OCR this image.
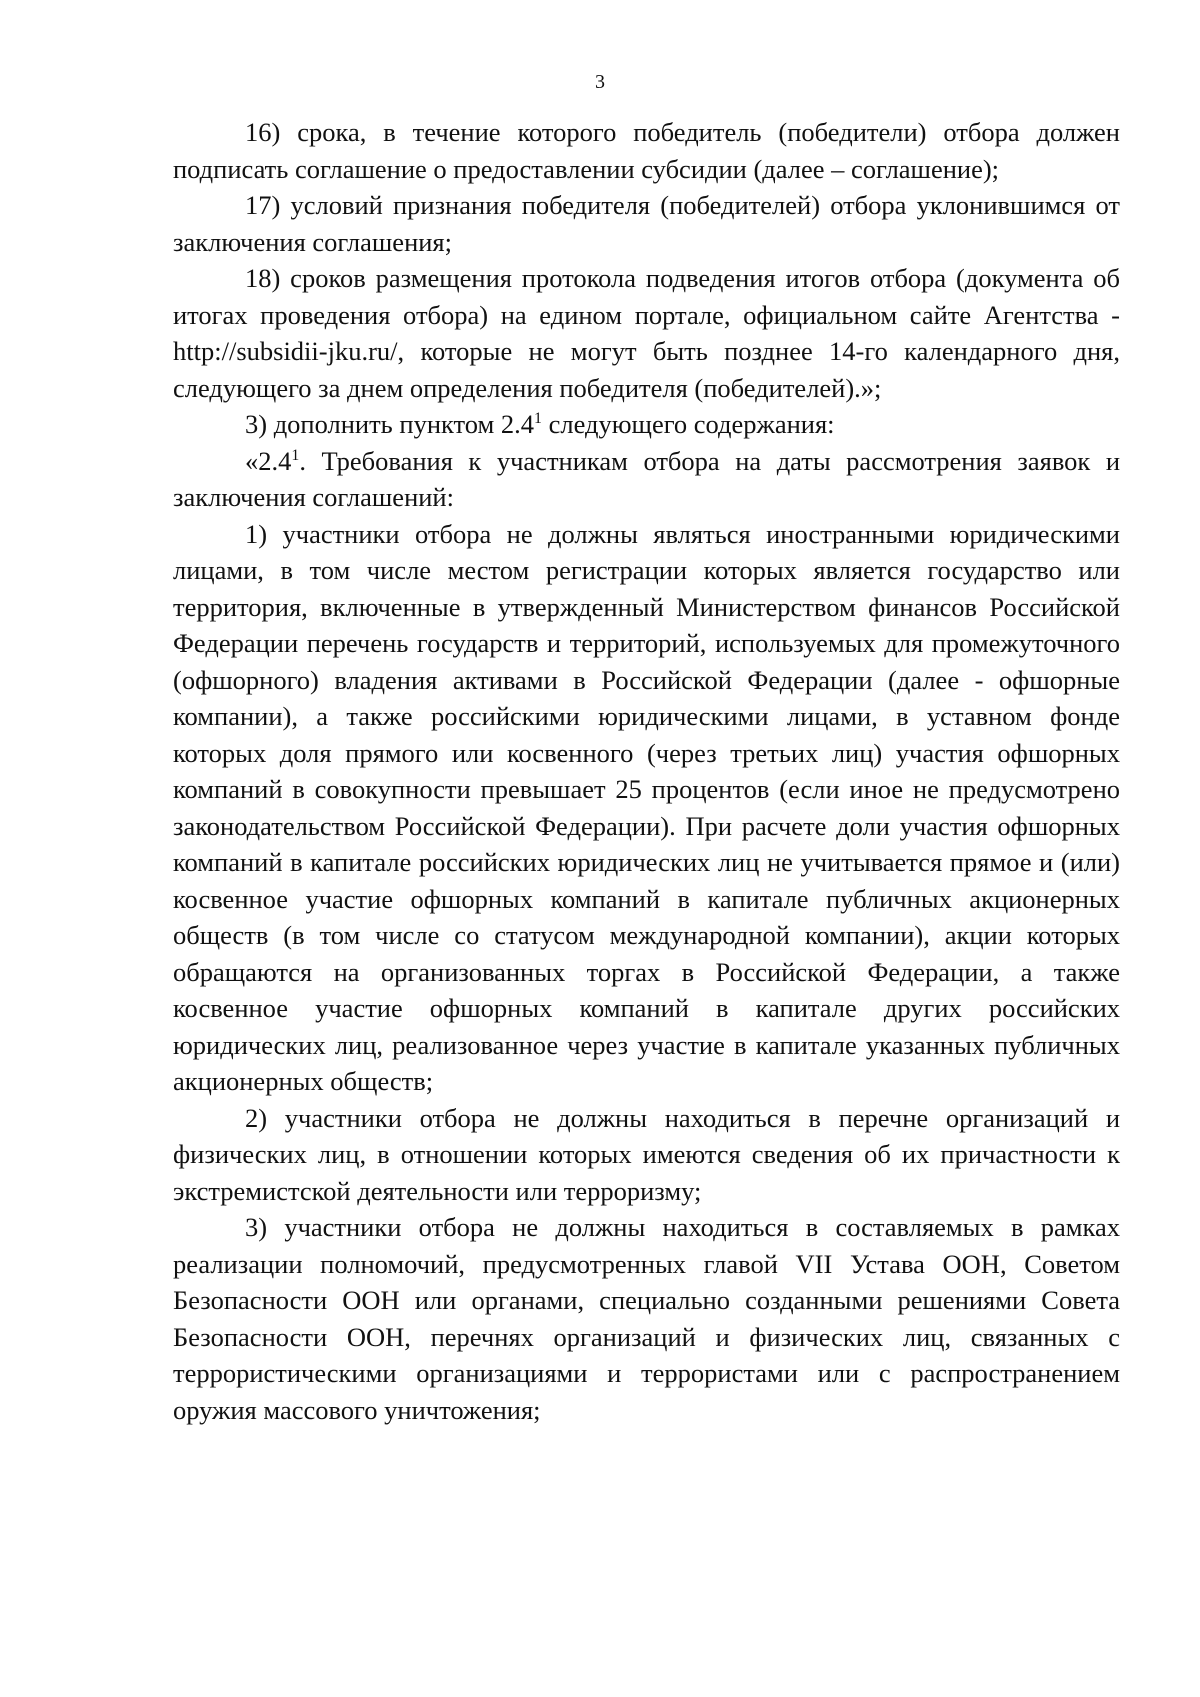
3

16) срока, в течение которого победитель (победители) отбора должен подписать соглашение о предоставлении субсидии (далее – соглашение);

17) условий признания победителя (победителей) отбора уклонившимся от заключения соглашения;

18) сроков размещения протокола подведения итогов отбора (документа об итогах проведения отбора) на едином портале, официальном сайте Агентства - http://subsidii-jku.ru/, которые не могут быть позднее 14-го календарного дня, следующего за днем определения победителя (победителей).»;

3) дополнить пунктом $2.4^1$ следующего содержания:

«$2.4^1$. Требования к участникам отбора на даты рассмотрения заявок и заключения соглашений:

1) участники отбора не должны являться иностранными юридическими лицами, в том числе местом регистрации которых является государство или территория, включенные в утвержденный Министерством финансов Российской Федерации перечень государств и территорий, используемых для промежуточного (офшорного) владения активами в Российской Федерации (далее - офшорные компании), а также российскими юридическими лицами, в уставном фонде которых доля прямого или косвенного (через третьих лиц) участия офшорных компаний в совокупности превышает 25 процентов (если иное не предусмотрено законодательством Российской Федерации). При расчете доли участия офшорных компаний в капитале российских юридических лиц не учитывается прямое и (или) косвенное участие офшорных компаний в капитале публичных акционерных обществ (в том числе со статусом международной компании), акции которых обращаются на организованных торгах в Российской Федерации, а также косвенное участие офшорных компаний в капитале других российских юридических лиц, реализованное через участие в капитале указанных публичных акционерных обществ;

2) участники отбора не должны находиться в перечне организаций и физических лиц, в отношении которых имеются сведения об их причастности к экстремистской деятельности или терроризму;

3) участники отбора не должны находиться в составляемых в рамках реализации полномочий, предусмотренных главой VII Устава ООН, Советом Безопасности ООН или органами, специально созданными решениями Совета Безопасности ООН, перечнях организаций и физических лиц, связанных с террористическими организациями и террористами или с распространением оружия массового уничтожения;
